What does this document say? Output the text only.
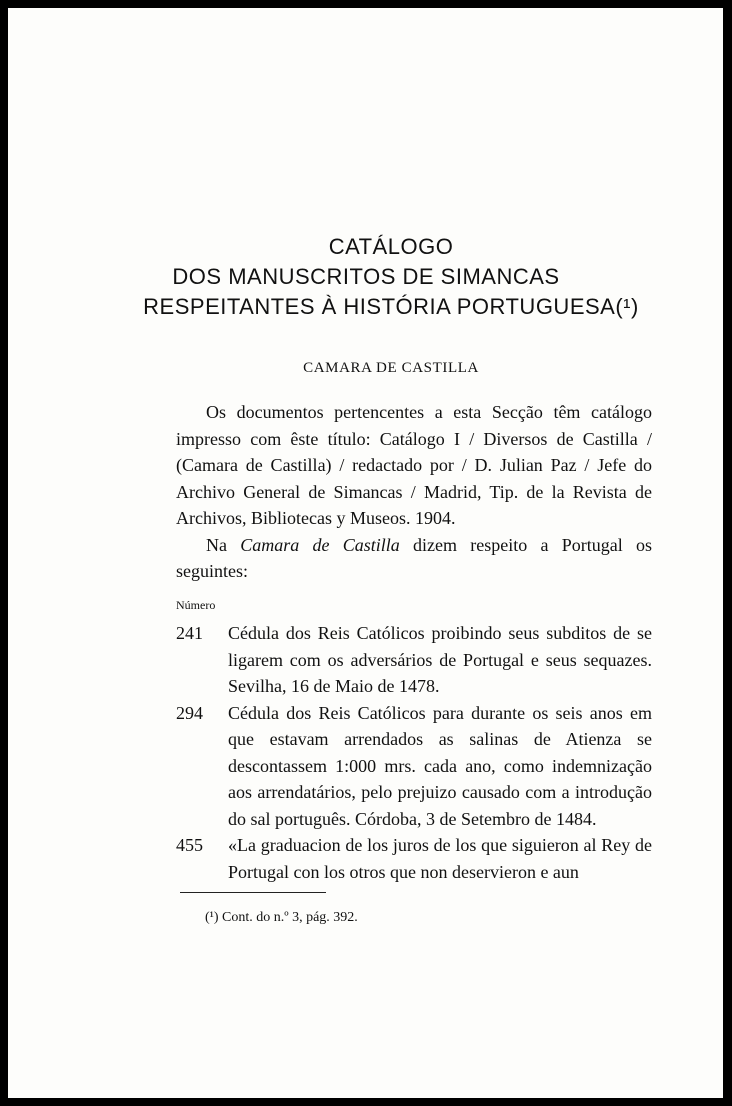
CATÁLOGO
DOS MANUSCRITOS DE SIMANCAS
RESPEITANTES À HISTÓRIA PORTUGUESA(¹)
CAMARA DE CASTILLA

Os documentos pertencentes a esta Secção têm catálogo impresso com êste título: Catálogo I / Diversos de Castilla / (Camara de Castilla) / redactado por / D. Julian Paz / Jefe do Archivo General de Simancas / Madrid, Tip. de la Revista de Archivos, Bibliotecas y Museos. 1904.

Na Camara de Castilla dizem respeito a Portugal os seguintes:

Número
241	Cédula dos Reis Católicos proibindo seus subditos de se ligarem com os adversários de Portugal e seus sequazes. Sevilha, 16 de Maio de 1478.
294	Cédula dos Reis Católicos para durante os seis anos em que estavam arrendados as salinas de Atienza se descontassem 1:000 mrs. cada ano, como indemnização aos arrendatários, pelo prejuizo causado com a introdução do sal português. Córdoba, 3 de Setembro de 1484.
455	«La graduacion de los juros de los que siguieron al Rey de Portugal con los otros que non deservieron e aun
(¹) Cont. do n.º 3, pág. 392.
